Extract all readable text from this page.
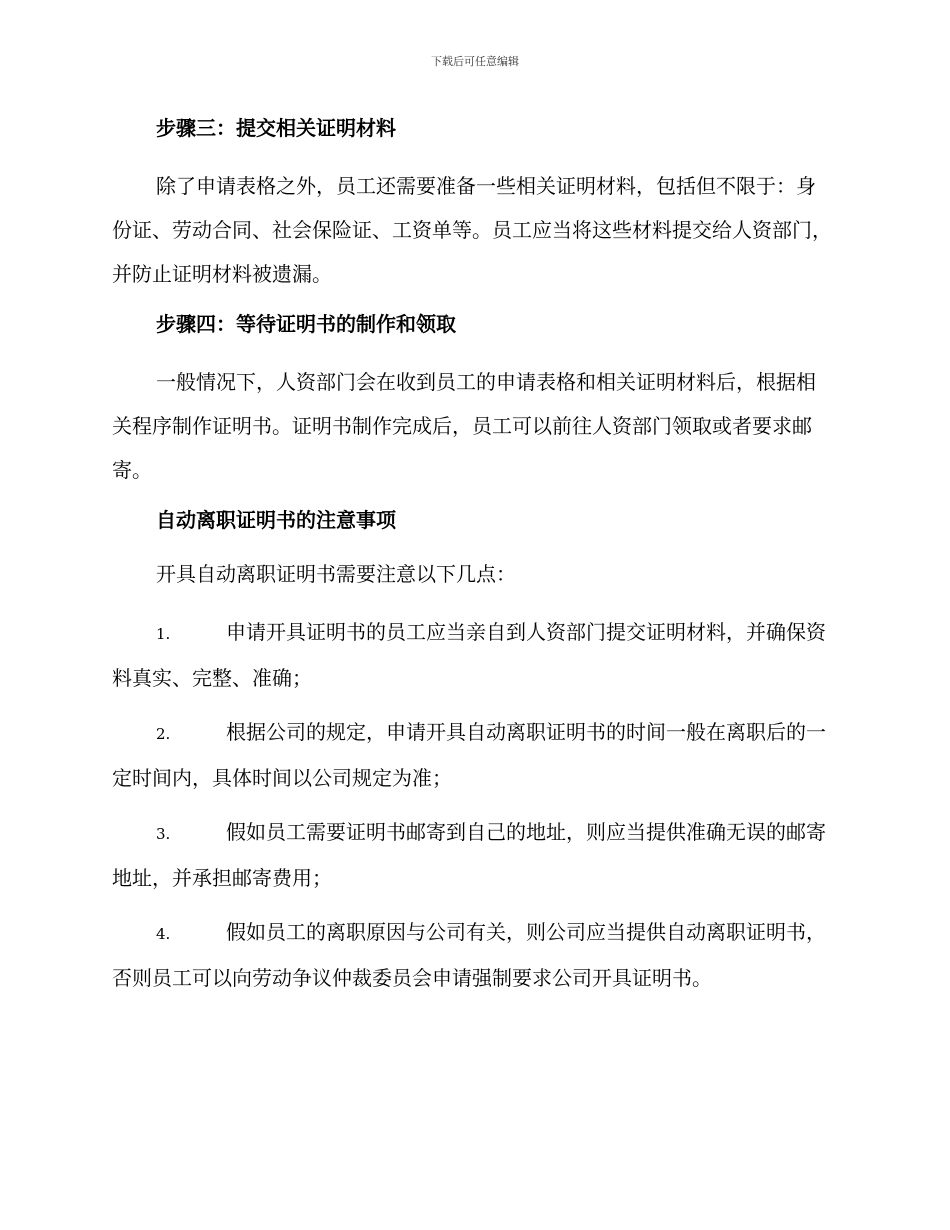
下载后可任意编辑
步骤三：提交相关证明材料
除了申请表格之外，员工还需要准备一些相关证明材料，包括但不限于：身份证、劳动合同、社会保险证、工资单等。员工应当将这些材料提交给人资部门，并防止证明材料被遗漏。
步骤四：等待证明书的制作和领取
一般情况下，人资部门会在收到员工的申请表格和相关证明材料后，根据相关程序制作证明书。证明书制作完成后，员工可以前往人资部门领取或者要求邮寄。
自动离职证明书的注意事项
开具自动离职证明书需要注意以下几点：
1.	申请开具证明书的员工应当亲自到人资部门提交证明材料，并确保资料真实、完整、准确；
2.	根据公司的规定，申请开具自动离职证明书的时间一般在离职后的一定时间内，具体时间以公司规定为准；
3.	假如员工需要证明书邮寄到自己的地址，则应当提供准确无误的邮寄地址，并承担邮寄费用；
4.	假如员工的离职原因与公司有关，则公司应当提供自动离职证明书，否则员工可以向劳动争议仲裁委员会申请强制要求公司开具证明书。
